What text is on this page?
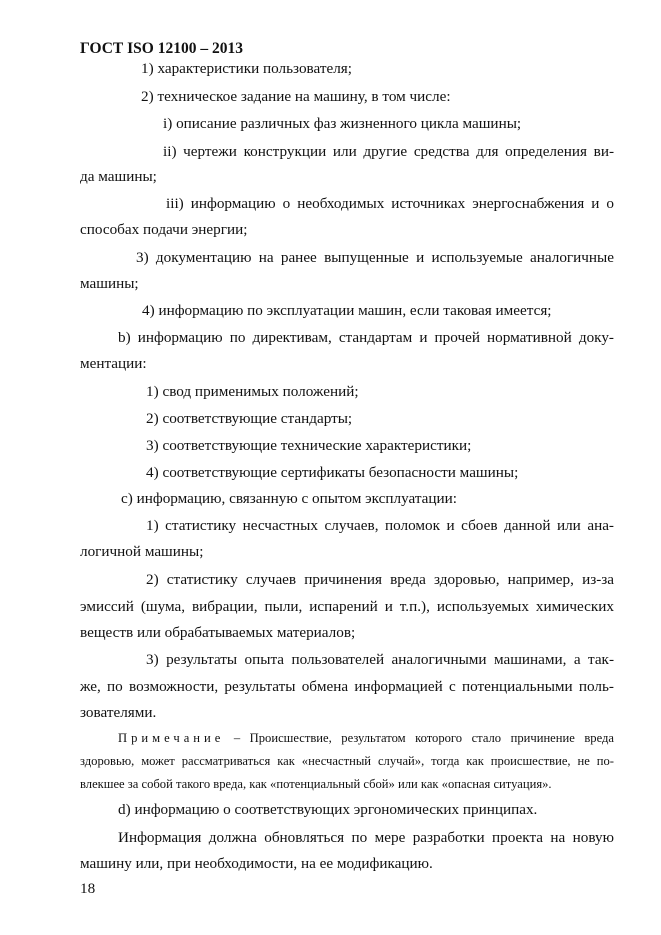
ГОСТ ISO 12100 – 2013
1) характеристики пользователя;
2) техническое задание на машину, в том числе:
i) описание различных фаз жизненного цикла машины;
ii) чертежи конструкции или другие средства для определения ви-
да машины;
iii) информацию о необходимых источниках энергоснабжения и о
способах подачи энергии;
3) документацию на ранее выпущенные и используемые аналогичные
машины;
4) информацию по эксплуатации машин, если таковая имеется;
b) информацию по директивам, стандартам и прочей нормативной доку-
ментации:
1) свод применимых положений;
2) соответствующие стандарты;
3) соответствующие технические характеристики;
4) соответствующие сертификаты безопасности машины;
c) информацию, связанную с опытом эксплуатации:
1) статистику несчастных случаев, поломок и сбоев данной или ана-
логичной машины;
2) статистику случаев причинения вреда здоровью, например, из-за
эмиссий (шума, вибрации, пыли, испарений и т.п.), используемых химических
веществ или обрабатываемых материалов;
3) результаты опыта пользователей аналогичными машинами, а так-
же, по возможности, результаты обмена информацией с потенциальными поль-
зователями.
Примечание – Происшествие, результатом которого стало причинение вреда
здоровью, может рассматриваться как «несчастный случай», тогда как происшествие, не по-
влекшее за собой такого вреда, как «потенциальный сбой» или как «опасная ситуация».
d) информацию о соответствующих эргономических принципах.
Информация должна обновляться по мере разработки проекта на новую
машину или, при необходимости, на ее модификацию.
18
